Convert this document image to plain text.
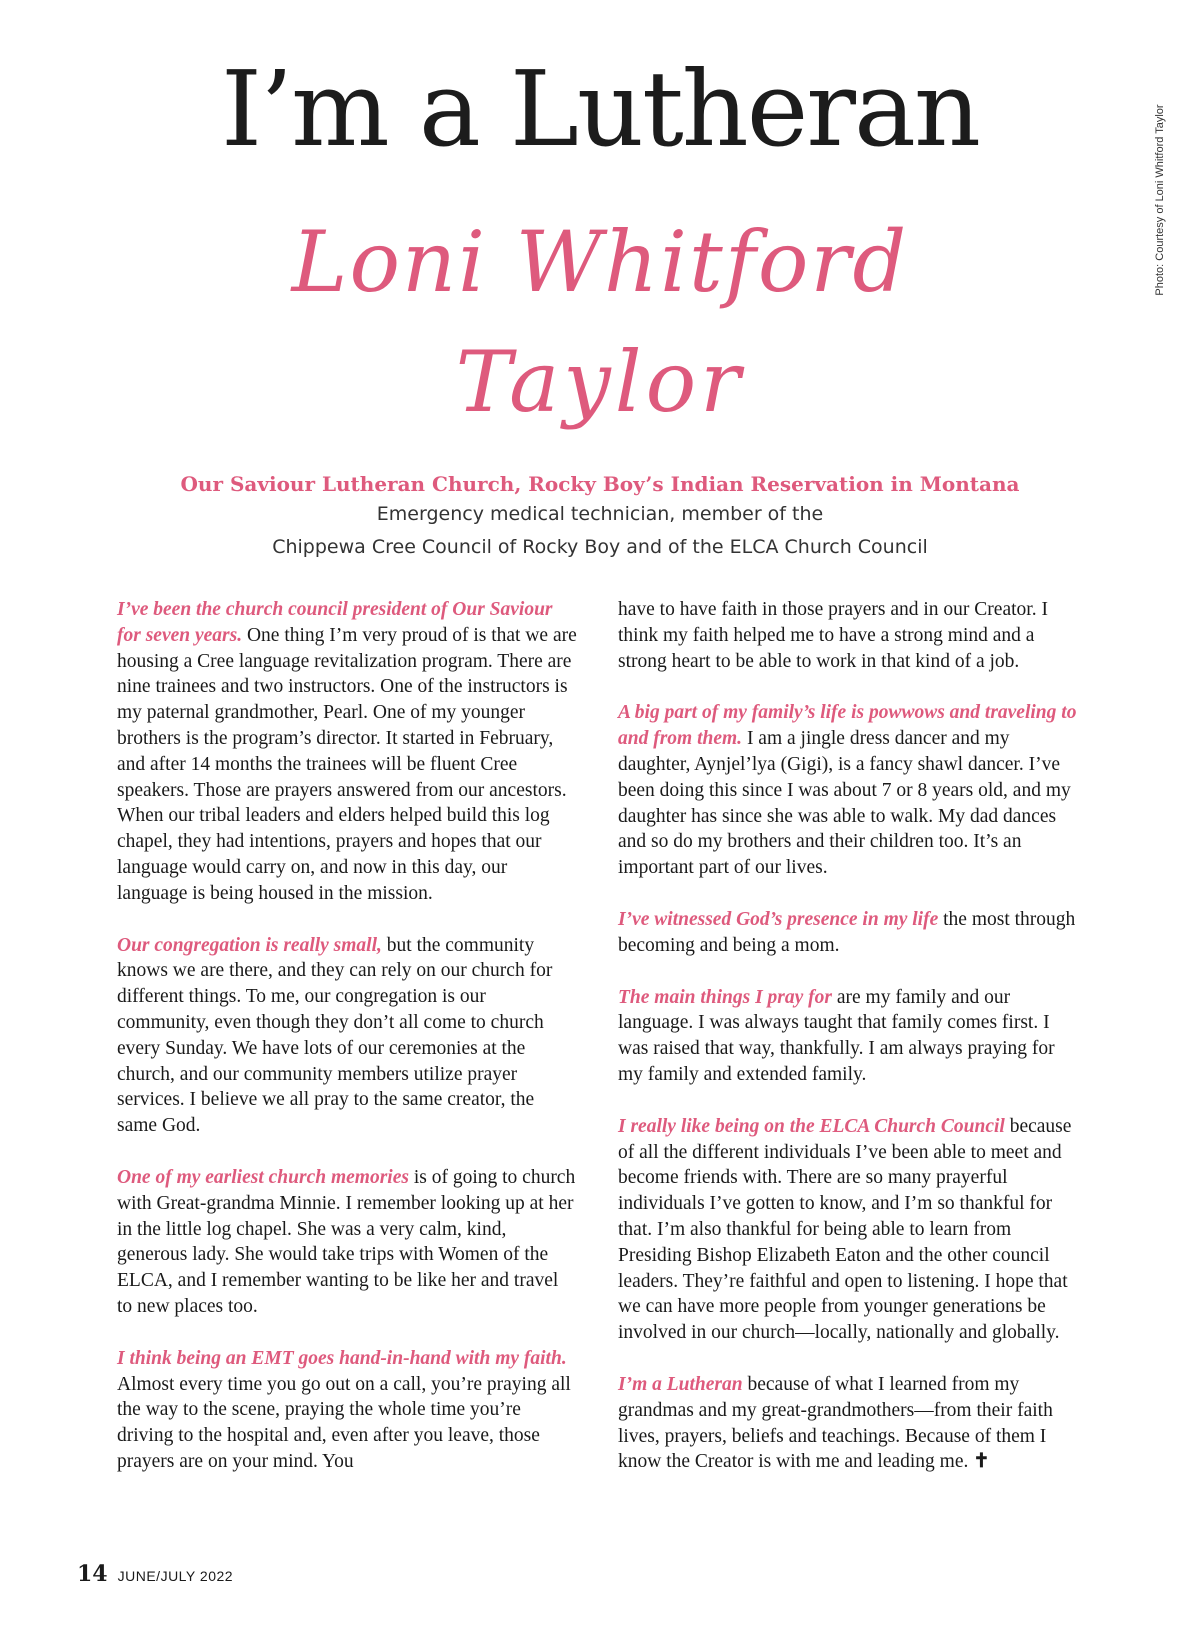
Photo: Courtesy of Loni Whitford Taylor
I’m a Lutheran
Loni Whitford
Taylor
Our Saviour Lutheran Church, Rocky Boy’s Indian Reservation in Montana
Emergency medical technician, member of the
Chippewa Cree Council of Rocky Boy and of the ELCA Church Council

I’ve been the church council president of Our Saviour for seven years. One thing I’m very proud of is that we are housing a Cree language revitalization program. There are nine trainees and two instructors. One of the instructors is my paternal grandmother, Pearl. One of my younger brothers is the program’s director. It started in February, and after 14 months the trainees will be fluent Cree speakers. Those are prayers answered from our ancestors. When our tribal leaders and elders helped build this log chapel, they had intentions, prayers and hopes that our language would carry on, and now in this day, our language is being housed in the mission.

Our congregation is really small, but the community knows we are there, and they can rely on our church for different things. To me, our congregation is our community, even though they don’t all come to church every Sunday. We have lots of our ceremonies at the church, and our community members utilize prayer services. I believe we all pray to the same creator, the same God.

One of my earliest church memories is of going to church with Great-grandma Minnie. I remember looking up at her in the little log chapel. She was a very calm, kind, generous lady. She would take trips with Women of the ELCA, and I remember wanting to be like her and travel to new places too.

I think being an EMT goes hand-in-hand with my faith. Almost every time you go out on a call, you’re praying all the way to the scene, praying the whole time you’re driving to the hospital and, even after you leave, those prayers are on your mind. You

have to have faith in those prayers and in our Creator. I think my faith helped me to have a strong mind and a strong heart to be able to work in that kind of a job.

A big part of my family’s life is powwows and traveling to and from them. I am a jingle dress dancer and my daughter, Aynjel’lya (Gigi), is a fancy shawl dancer. I’ve been doing this since I was about 7 or 8 years old, and my daughter has since she was able to walk. My dad dances and so do my brothers and their children too. It’s an important part of our lives.

I’ve witnessed God’s presence in my life the most through becoming and being a mom.

The main things I pray for are my family and our language. I was always taught that family comes first. I was raised that way, thankfully. I am always praying for my family and extended family.

I really like being on the ELCA Church Council because of all the different individuals I’ve been able to meet and become friends with. There are so many prayerful individuals I’ve gotten to know, and I’m so thankful for that. I’m also thankful for being able to learn from Presiding Bishop Elizabeth Eaton and the other council leaders. They’re faithful and open to listening. I hope that we can have more people from younger generations be involved in our church—locally, nationally and globally.

I’m a Lutheran because of what I learned from my grandmas and my great-grandmothers—from their faith lives, prayers, beliefs and teachings. Because of them I know the Creator is with me and leading me. ✝

14 JUNE/JULY 2022
